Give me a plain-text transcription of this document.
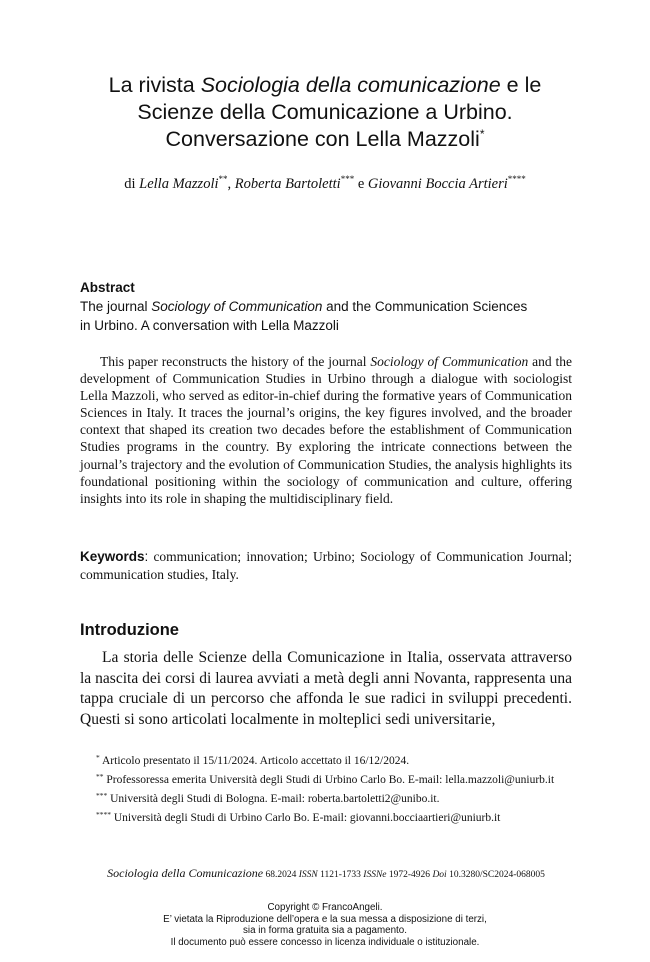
La rivista Sociologia della comunicazione e le

Scienze della Comunicazione a Urbino.

Conversazione con Lella Mazzoli*

di Lella Mazzoli**, Roberta Bartoletti*** e Giovanni Boccia Artieri****
Abstract

The journal Sociology of Communication and the Communication Sciences

in Urbino. A conversation with Lella Mazzoli

This paper reconstructs the history of the journal Sociology of Communication and the development of Communication Studies in Urbino through a dialogue with sociologist Lella Mazzoli, who served as editor-in-chief during the formative years of Communication Sciences in Italy. It traces the journal’s origins, the key figures involved, and the broader context that shaped its creation two decades before the establishment of Communication Studies programs in the country. By exploring the intricate connections between the journal’s trajectory and the evolution of Communication Studies, the analysis highlights its foundational positioning within the sociology of communication and culture, offering insights into its role in shaping the multidisciplinary field.

Keywords: communication; innovation; Urbino; Sociology of Communication Journal; communication studies, Italy.

Introduzione

La storia delle Scienze della Comunicazione in Italia, osservata attraverso la nascita dei corsi di laurea avviati a metà degli anni Novanta, rappresenta una tappa cruciale di un percorso che affonda le sue radici in sviluppi precedenti. Questi si sono articolati localmente in molteplici sedi universitarie,

* Articolo presentato il 15/11/2024. Articolo accettato il 16/12/2024.

** Professoressa emerita Università degli Studi di Urbino Carlo Bo. E-mail: lella.mazzoli@uniurb.it

*** Università degli Studi di Bologna. E-mail: roberta.bartoletti2@unibo.it.

**** Università degli Studi di Urbino Carlo Bo. E-mail: giovanni.bocciaartieri@uniurb.it

Sociologia della Comunicazione 68.2024 ISSN 1121-1733 ISSNe 1972-4926 Doi 10.3280/SC2024-068005

Copyright © FrancoAngeli.

E’ vietata la Riproduzione dell’opera e la sua messa a disposizione di terzi,

sia in forma gratuita sia a pagamento.

Il documento può essere concesso in licenza individuale o istituzionale.
